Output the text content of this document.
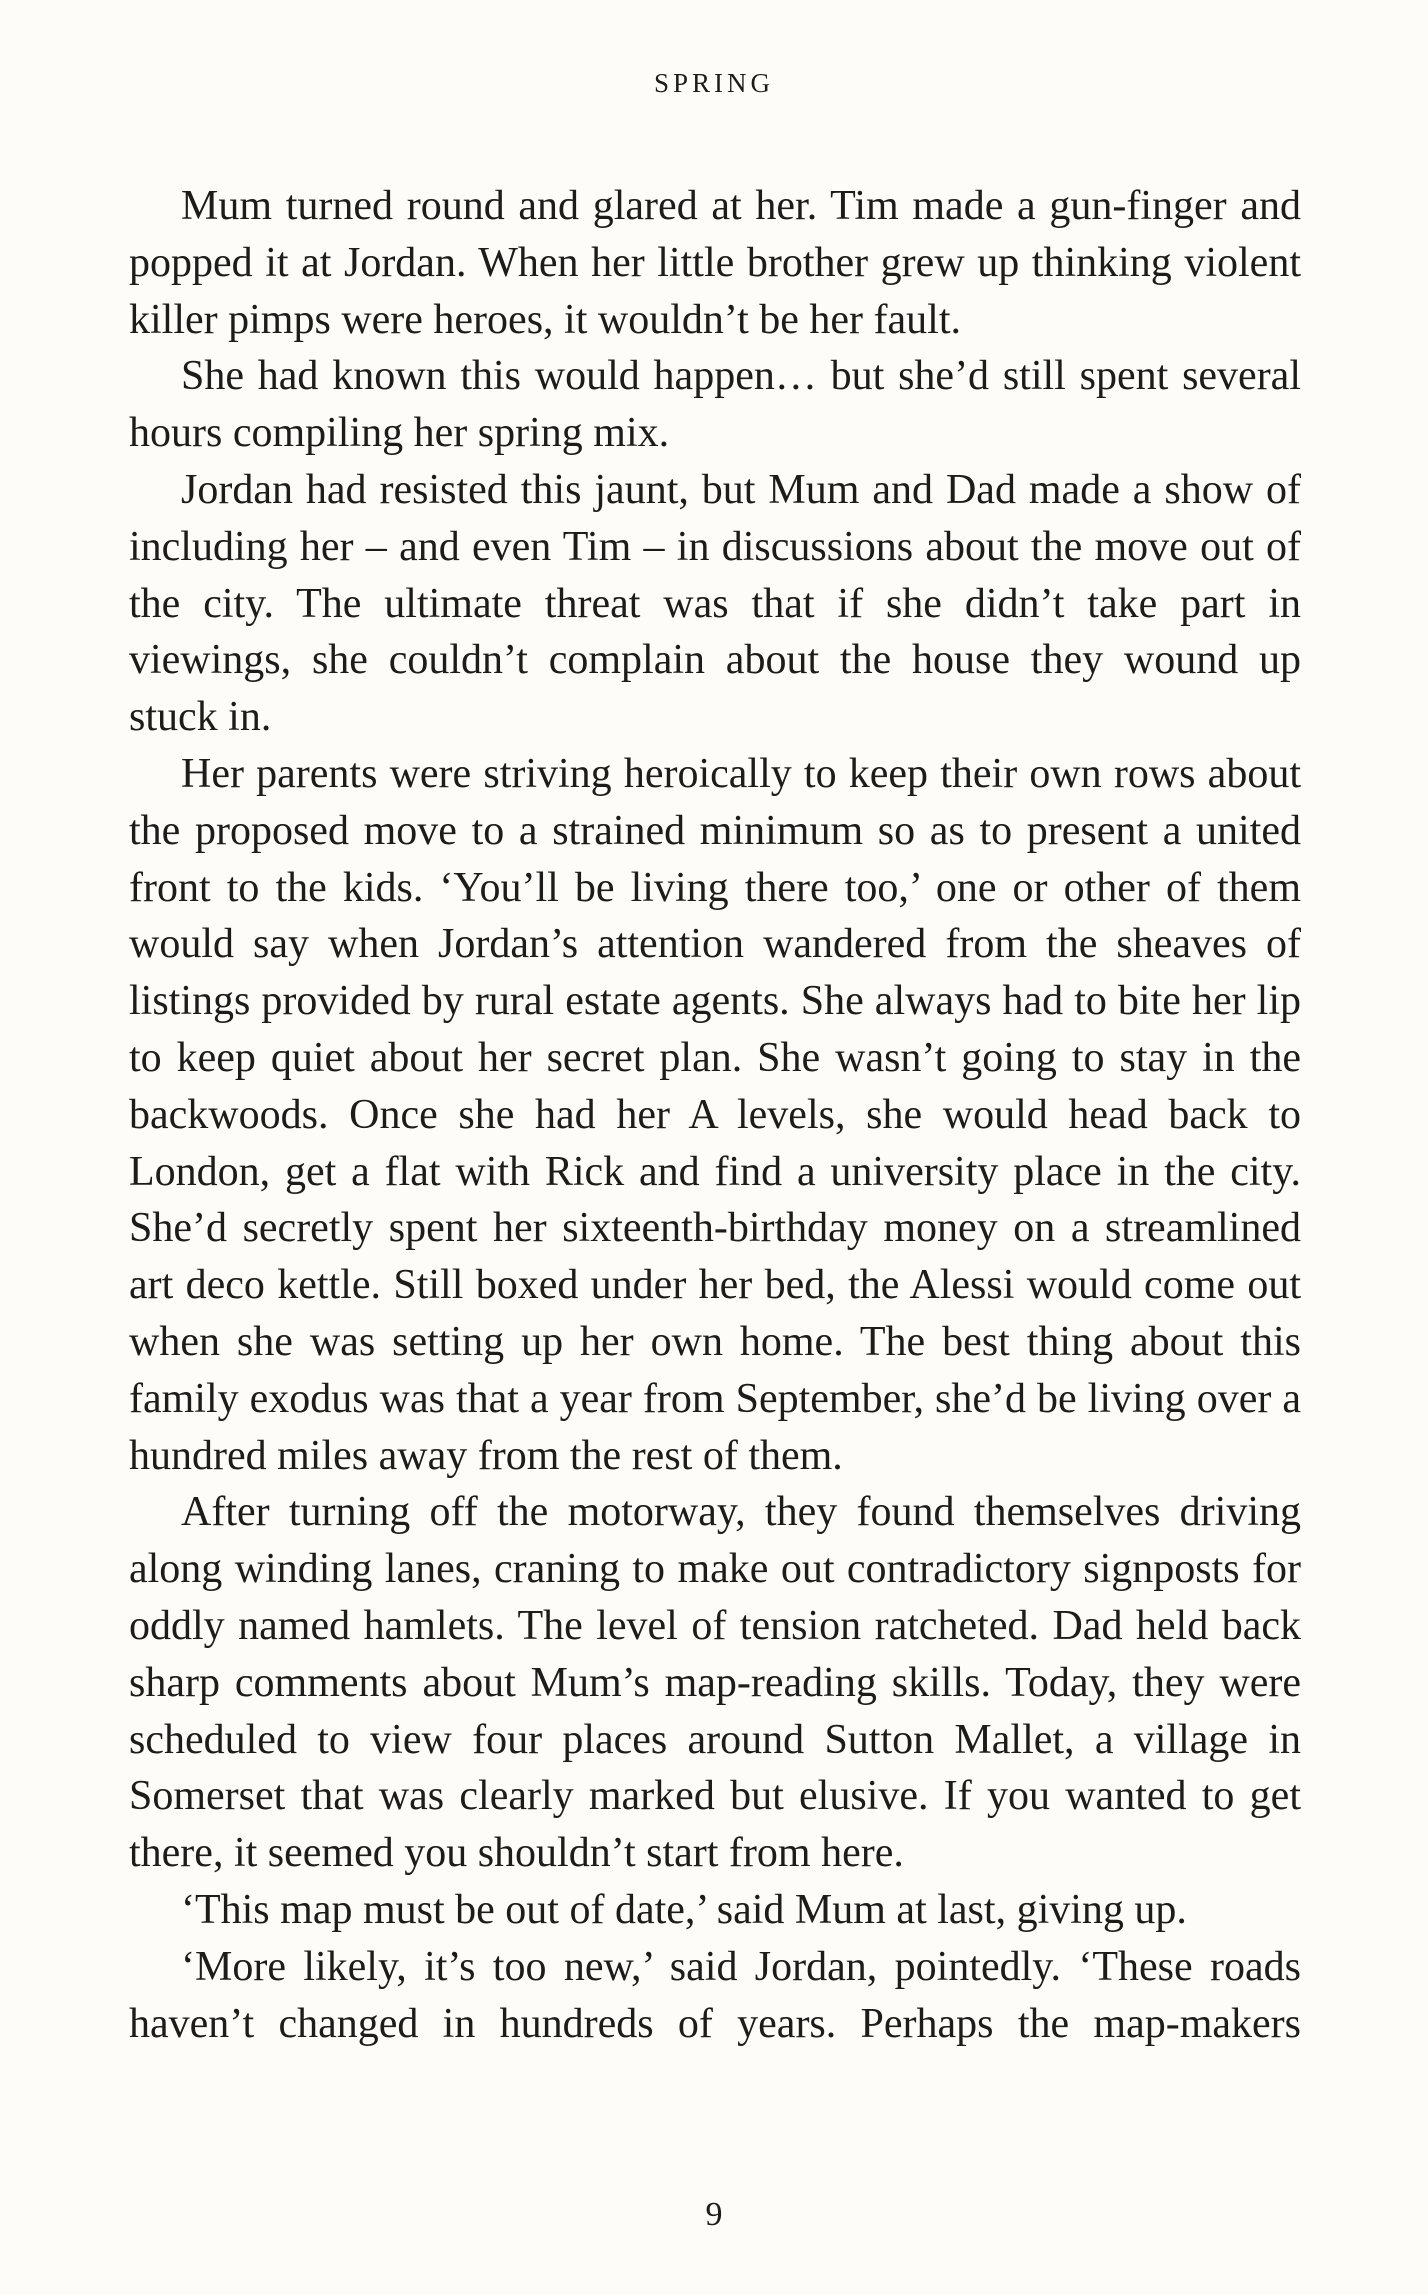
SPRING

Mum turned round and glared at her. Tim made a gun-finger and popped it at Jordan. When her little brother grew up thinking violent killer pimps were heroes, it wouldn’t be her fault.

She had known this would happen… but she’d still spent several hours compiling her spring mix.

Jordan had resisted this jaunt, but Mum and Dad made a show of including her – and even Tim – in discussions about the move out of the city. The ultimate threat was that if she didn’t take part in viewings, she couldn’t complain about the house they wound up stuck in.

Her parents were striving heroically to keep their own rows about the proposed move to a strained minimum so as to present a united front to the kids. ‘You’ll be living there too,’ one or other of them would say when Jordan’s attention wandered from the sheaves of listings provided by rural estate agents. She always had to bite her lip to keep quiet about her secret plan. She wasn’t going to stay in the backwoods. Once she had her A levels, she would head back to London, get a flat with Rick and find a university place in the city. She’d secretly spent her sixteenth-birthday money on a streamlined art deco kettle. Still boxed under her bed, the Alessi would come out when she was setting up her own home. The best thing about this family exodus was that a year from September, she’d be living over a hundred miles away from the rest of them.

After turning off the motorway, they found themselves driving along winding lanes, craning to make out contradictory signposts for oddly named hamlets. The level of tension ratcheted. Dad held back sharp comments about Mum’s map-reading skills. Today, they were scheduled to view four places around Sutton Mallet, a village in Somerset that was clearly marked but elusive. If you wanted to get there, it seemed you shouldn’t start from here.

‘This map must be out of date,’ said Mum at last, giving up.

‘More likely, it’s too new,’ said Jordan, pointedly. ‘These roads haven’t changed in hundreds of years. Perhaps the map-makers

9
